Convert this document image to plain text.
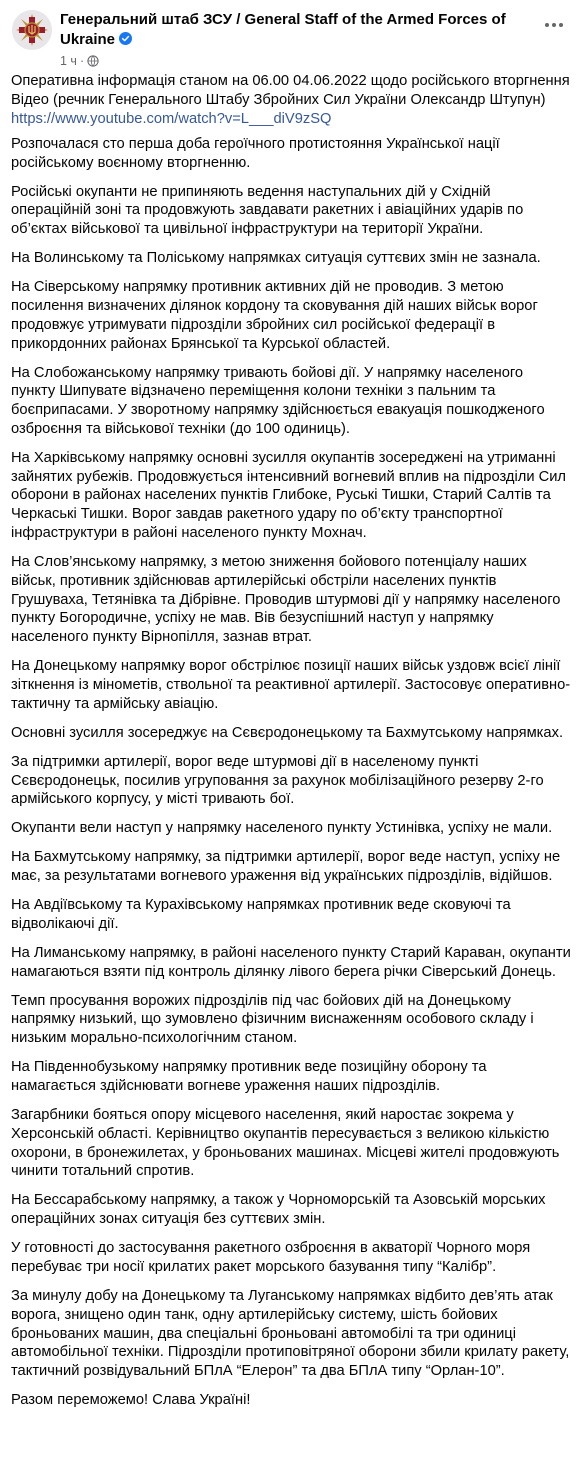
Генеральний штаб ЗСУ / General Staff of the Armed Forces of Ukraine
1 ч ·

Оперативна інформація станом на 06.00 04.06.2022 щодо російського вторгнення
Відео (речник Генерального Штабу Збройних Сил України Олександр Штупун)
https://www.youtube.com/watch?v=L___diV9zSQ

Розпочалася сто перша доба героїчного протистояння Української нації російському воєнному вторгненню.

Російські окупанти не припиняють ведення наступальних дій у Східній операційній зоні та продовжують завдавати ракетних і авіаційних ударів по об’єктах військової та цивільної інфраструктури на території України.

На Волинському та Поліському напрямках ситуація суттєвих змін не зазнала.

На Сіверському напрямку противник активних дій не проводив. З метою посилення визначених ділянок кордону та сковування дій наших військ ворог продовжує утримувати підрозділи збройних сил російської федерації в прикордонних районах Брянської та Курської областей.

На Слобожанському напрямку тривають бойові дії. У напрямку населеного пункту Шипуватe відзначено переміщення колони техніки з пальним та боєприпасами. У зворотному напрямку здійснюється евакуація пошкодженого озброєння та військової техніки (до 100 одиниць).

На Харківському напрямку основні зусилля окупантів зосереджені на утриманні зайнятих рубежів. Продовжується інтенсивний вогневий вплив на підрозділи Сил оборони в районах населених пунктів Глибоке, Руські Тишки, Старий Салтів та Черкаські Тишки. Ворог завдав ракетного удару по об’єкту транспортної інфраструктури в районі населеного пункту Мохнач.

На Слов’янському напрямку, з метою зниження бойового потенціалу наших військ, противник здійснював артилерійські обстріли населених пунктів Грушуваха, Тетянівка та Дібрівне. Проводив штурмові дії у напрямку населеного пункту Богородичне, успіху не мав. Вів безуспішний наступ у напрямку населеного пункту Вірнопілля, зазнав втрат.

На Донецькому напрямку ворог обстрілює позиції наших військ уздовж всієї лінії зіткнення із мінометів, ствольної та реактивної артилерії. Застосовує оперативно-тактичну та армійську авіацію.

Основні зусилля зосереджує на Сєвєродонецькому та Бахмутському напрямках.

За підтримки артилерії, ворог веде штурмові дії в населеному пункті Сєвєродонецьк, посилив угруповання за рахунок мобілізаційного резерву 2-го армійського корпусу, у місті тривають бої.

Окупанти вели наступ у напрямку населеного пункту Устинівка, успіху не мали.

На Бахмутському напрямку, за підтримки артилерії, ворог веде наступ, успіху не має, за результатами вогневого ураження від українських підрозділів, відійшов.

На Авдіївському та Курахівському напрямках противник веде сковуючі та відволікаючі дії.

На Лиманському напрямку, в районі населеного пункту Старий Караван, окупанти намагаються взяти під контроль ділянку лівого берега річки Сіверський Донець.

Темп просування ворожих підрозділів під час бойових дій на Донецькому напрямку низький, що зумовлено фізичним виснаженням особового складу і низьким морально-психологічним станом.

На Південнобузькому напрямку противник веде позиційну оборону та намагається здійснювати вогневе ураження наших підрозділів.

Загарбники бояться опору місцевого населення, який наростає зокрема у Херсонській області. Керівництво окупантів пересувається з великою кількістю охорони, в бронежилетах, у броньованих машинах. Місцеві жителі продовжують чинити тотальний спротив.

На Бессарабському напрямку, а також у Чорноморській та Азовській морських операційних зонах ситуація без суттєвих змін.

У готовності до застосування ракетного озброєння в акваторії Чорного моря перебуває три носії крилатих ракет морського базування типу “Калібр”.

За минулу добу на Донецькому та Луганському напрямках відбито дев’ять атак ворога, знищено один танк, одну артилерійську систему, шість бойових броньованих машин, два спеціальні броньовані автомобілі та три одиниці автомобільної техніки. Підрозділи протиповітряної оборони збили крилату ракету, тактичний розвідувальний БПлА “Елерон” та два БПлА типу “Орлан-10”.

Разом переможемо! Слава Україні!
